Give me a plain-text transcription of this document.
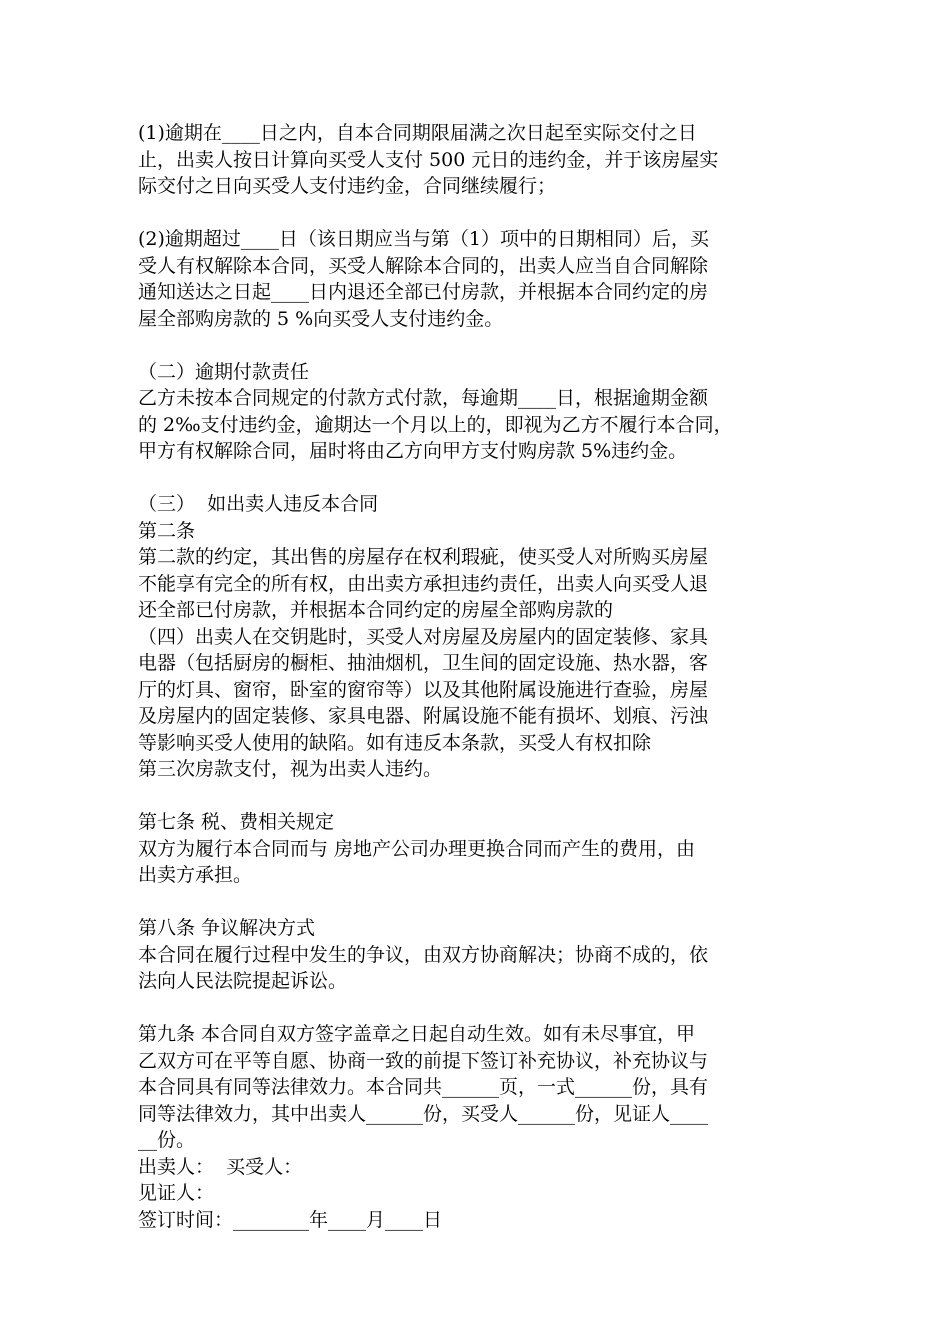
(1)逾期在____日之内，自本合同期限届满之次日起至实际交付之日
止，出卖人按日计算向买受人支付 500 元日的违约金，并于该房屋实
际交付之日向买受人支付违约金，合同继续履行；
(2)逾期超过____日（该日期应当与第（1）项中的日期相同）后，买
受人有权解除本合同，买受人解除本合同的，出卖人应当自合同解除
通知送达之日起____日内退还全部已付房款，并根据本合同约定的房
屋全部购房款的 5 %向买受人支付违约金。
（二）逾期付款责任
乙方未按本合同规定的付款方式付款，每逾期____日，根据逾期金额
的 2‰支付违约金，逾期达一个月以上的，即视为乙方不履行本合同，
甲方有权解除合同，届时将由乙方向甲方支付购房款 5%违约金。
（三）  如出卖人违反本合同
第二条
第二款的约定，其出售的房屋存在权利瑕疵，使买受人对所购买房屋
不能享有完全的所有权，由出卖方承担违约责任，出卖人向买受人退
还全部已付房款，并根据本合同约定的房屋全部购房款的
（四）出卖人在交钥匙时，买受人对房屋及房屋内的固定装修、家具
电器（包括厨房的橱柜、抽油烟机，卫生间的固定设施、热水器，客
厅的灯具、窗帘，卧室的窗帘等）以及其他附属设施进行查验，房屋
及房屋内的固定装修、家具电器、附属设施不能有损坏、划痕、污浊
等影响买受人使用的缺陷。如有违反本条款，买受人有权扣除
第三次房款支付，视为出卖人违约。
第七条 税、费相关规定
双方为履行本合同而与 房地产公司办理更换合同而产生的费用，由
出卖方承担。
第八条 争议解决方式
本合同在履行过程中发生的争议，由双方协商解决；协商不成的，依
法向人民法院提起诉讼。
第九条 本合同自双方签字盖章之日起自动生效。如有未尽事宜，甲
乙双方可在平等自愿、协商一致的前提下签订补充协议，补充协议与
本合同具有同等法律效力。本合同共______页，一式______份，具有
同等法律效力，其中出卖人______份，买受人______份，见证人____
__份。
出卖人：  买受人：
见证人：
签订时间：________年____月____日
